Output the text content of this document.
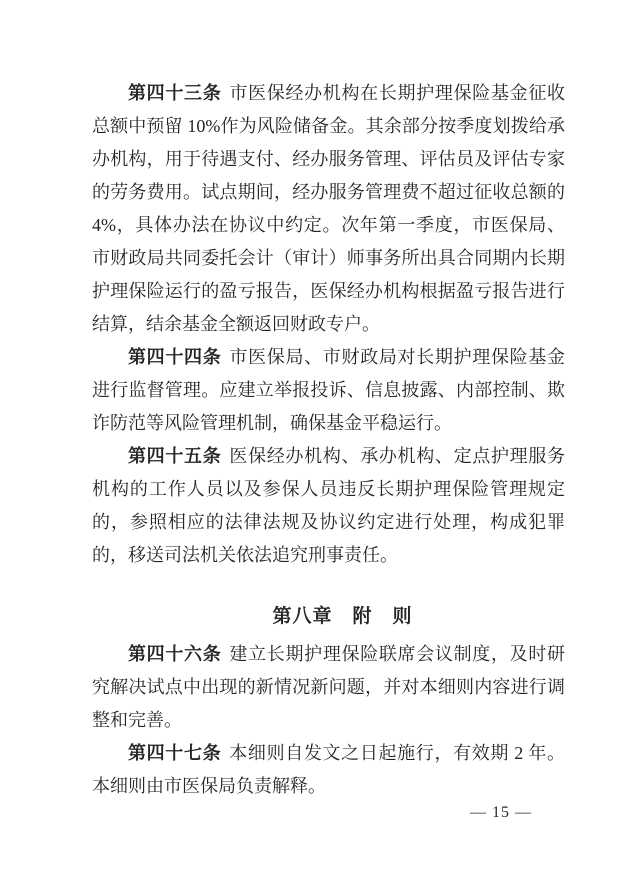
第四十三条 市医保经办机构在长期护理保险基金征收总额中预留 10%作为风险储备金。其余部分按季度划拨给承办机构，用于待遇支付、经办服务管理、评估员及评估专家的劳务费用。试点期间，经办服务管理费不超过征收总额的 4%，具体办法在协议中约定。次年第一季度，市医保局、市财政局共同委托会计（审计）师事务所出具合同期内长期护理保险运行的盈亏报告，医保经办机构根据盈亏报告进行结算，结余基金全额返回财政专户。

第四十四条 市医保局、市财政局对长期护理保险基金进行监督管理。应建立举报投诉、信息披露、内部控制、欺诈防范等风险管理机制，确保基金平稳运行。

第四十五条 医保经办机构、承办机构、定点护理服务机构的工作人员以及参保人员违反长期护理保险管理规定的，参照相应的法律法规及协议约定进行处理，构成犯罪的，移送司法机关依法追究刑事责任。

第八章　附　则

第四十六条 建立长期护理保险联席会议制度，及时研究解决试点中出现的新情况新问题，并对本细则内容进行调整和完善。

第四十七条 本细则自发文之日起施行，有效期 2 年。本细则由市医保局负责解释。

— 15 —
